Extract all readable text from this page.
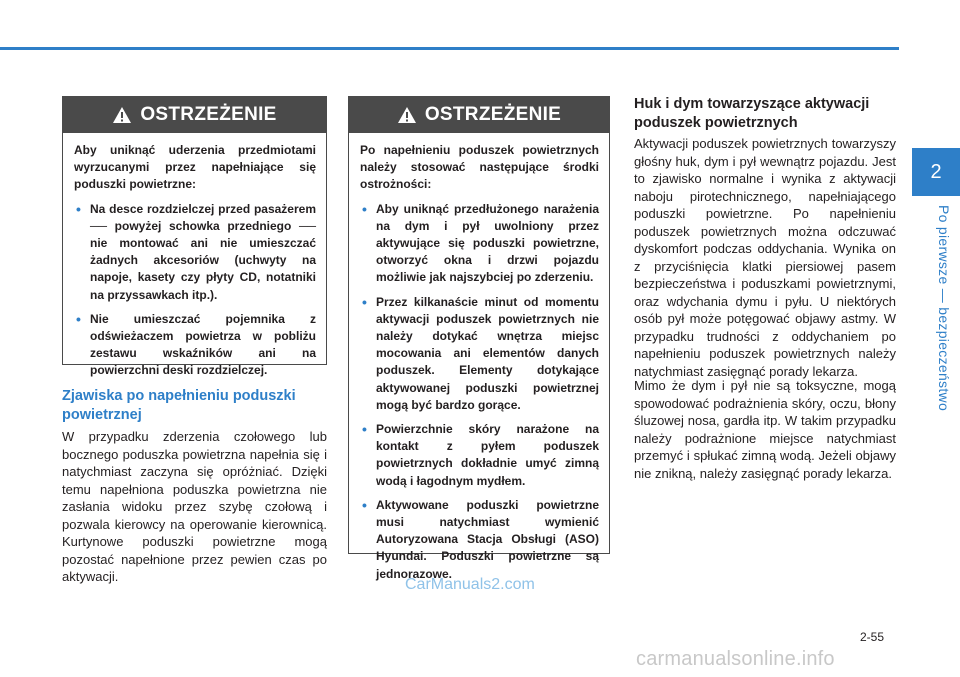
2
Po pierwsze — bezpieczeństwo
OSTRZEŻENIE

Aby uniknąć uderzenia przedmiotami wyrzucanymi przez napełniające się poduszki powietrzne:

• Na desce rozdzielczej przed pasażerem ── powyżej schowka przedniego ── nie montować ani nie umieszczać żadnych akcesoriów (uchwyty na napoje, kasety czy płyty CD, notatniki na przyssawkach itp.).
• Nie umieszczać pojemnika z odświeżaczem powietrza w pobliżu zestawu wskaźników ani na powierzchni deski rozdzielczej.
OSTRZEŻENIE

Po napełnieniu poduszek powietrznych należy stosować następujące środki ostrożności:

• Aby uniknąć przedłużonego narażenia na dym i pył uwolniony przez aktywujące się poduszki powietrzne, otworzyć okna i drzwi pojazdu możliwie jak najszybciej po zderzeniu.
• Przez kilkanaście minut od momentu aktywacji poduszek powietrznych nie należy dotykać wnętrza miejsc mocowania ani elementów danych poduszek. Elementy dotykające aktywowanej poduszki powietrznej mogą być bardzo gorące.
• Powierzchnie skóry narażone na kontakt z pyłem poduszek powietrznych dokładnie umyć zimną wodą i łagodnym mydłem.
• Aktywowane poduszki powietrzne musi natychmiast wymienić Autoryzowana Stacja Obsługi (ASO) Hyundai. Poduszki powietrzne są jednorazowe.
Zjawiska po napełnieniu poduszki powietrznej
W przypadku zderzenia czołowego lub bocznego poduszka powietrzna napełnia się i natychmiast zaczyna się opróżniać. Dzięki temu napełniona poduszka powietrzna nie zasłania widoku przez szybę czołową i pozwala kierowcy na operowanie kierownicą. Kurtynowe poduszki powietrzne mogą pozostać napełnione przez pewien czas po aktywacji.
Huk i dym towarzyszące aktywacji poduszek powietrznych
Aktywacji poduszek powietrznych towarzyszy głośny huk, dym i pył wewnątrz pojazdu. Jest to zjawisko normalne i wynika z aktywacji naboju pirotechnicznego, napełniającego poduszki powietrzne. Po napełnieniu poduszek powietrznych można odczuwać dyskomfort podczas oddychania. Wynika on z przyciśnięcia klatki piersiowej pasem bezpieczeństwa i poduszkami powietrznymi, oraz wdychania dymu i pyłu. U niektórych osób pył może potęgować objawy astmy. W przypadku trudności z oddychaniem po napełnieniu poduszek powietrznych należy natychmiast zasięgnąć porady lekarza.
Mimo że dym i pył nie są toksyczne, mogą spowodować podrażnienia skóry, oczu, błony śluzowej nosa, gardła itp. W takim przypadku należy podrażnione miejsce natychmiast przemyć i spłukać zimną wodą. Jeżeli objawy nie znikną, należy zasięgnąć porady lekarza.
CarManuals2.com
2-55
carmanualsonline.info
